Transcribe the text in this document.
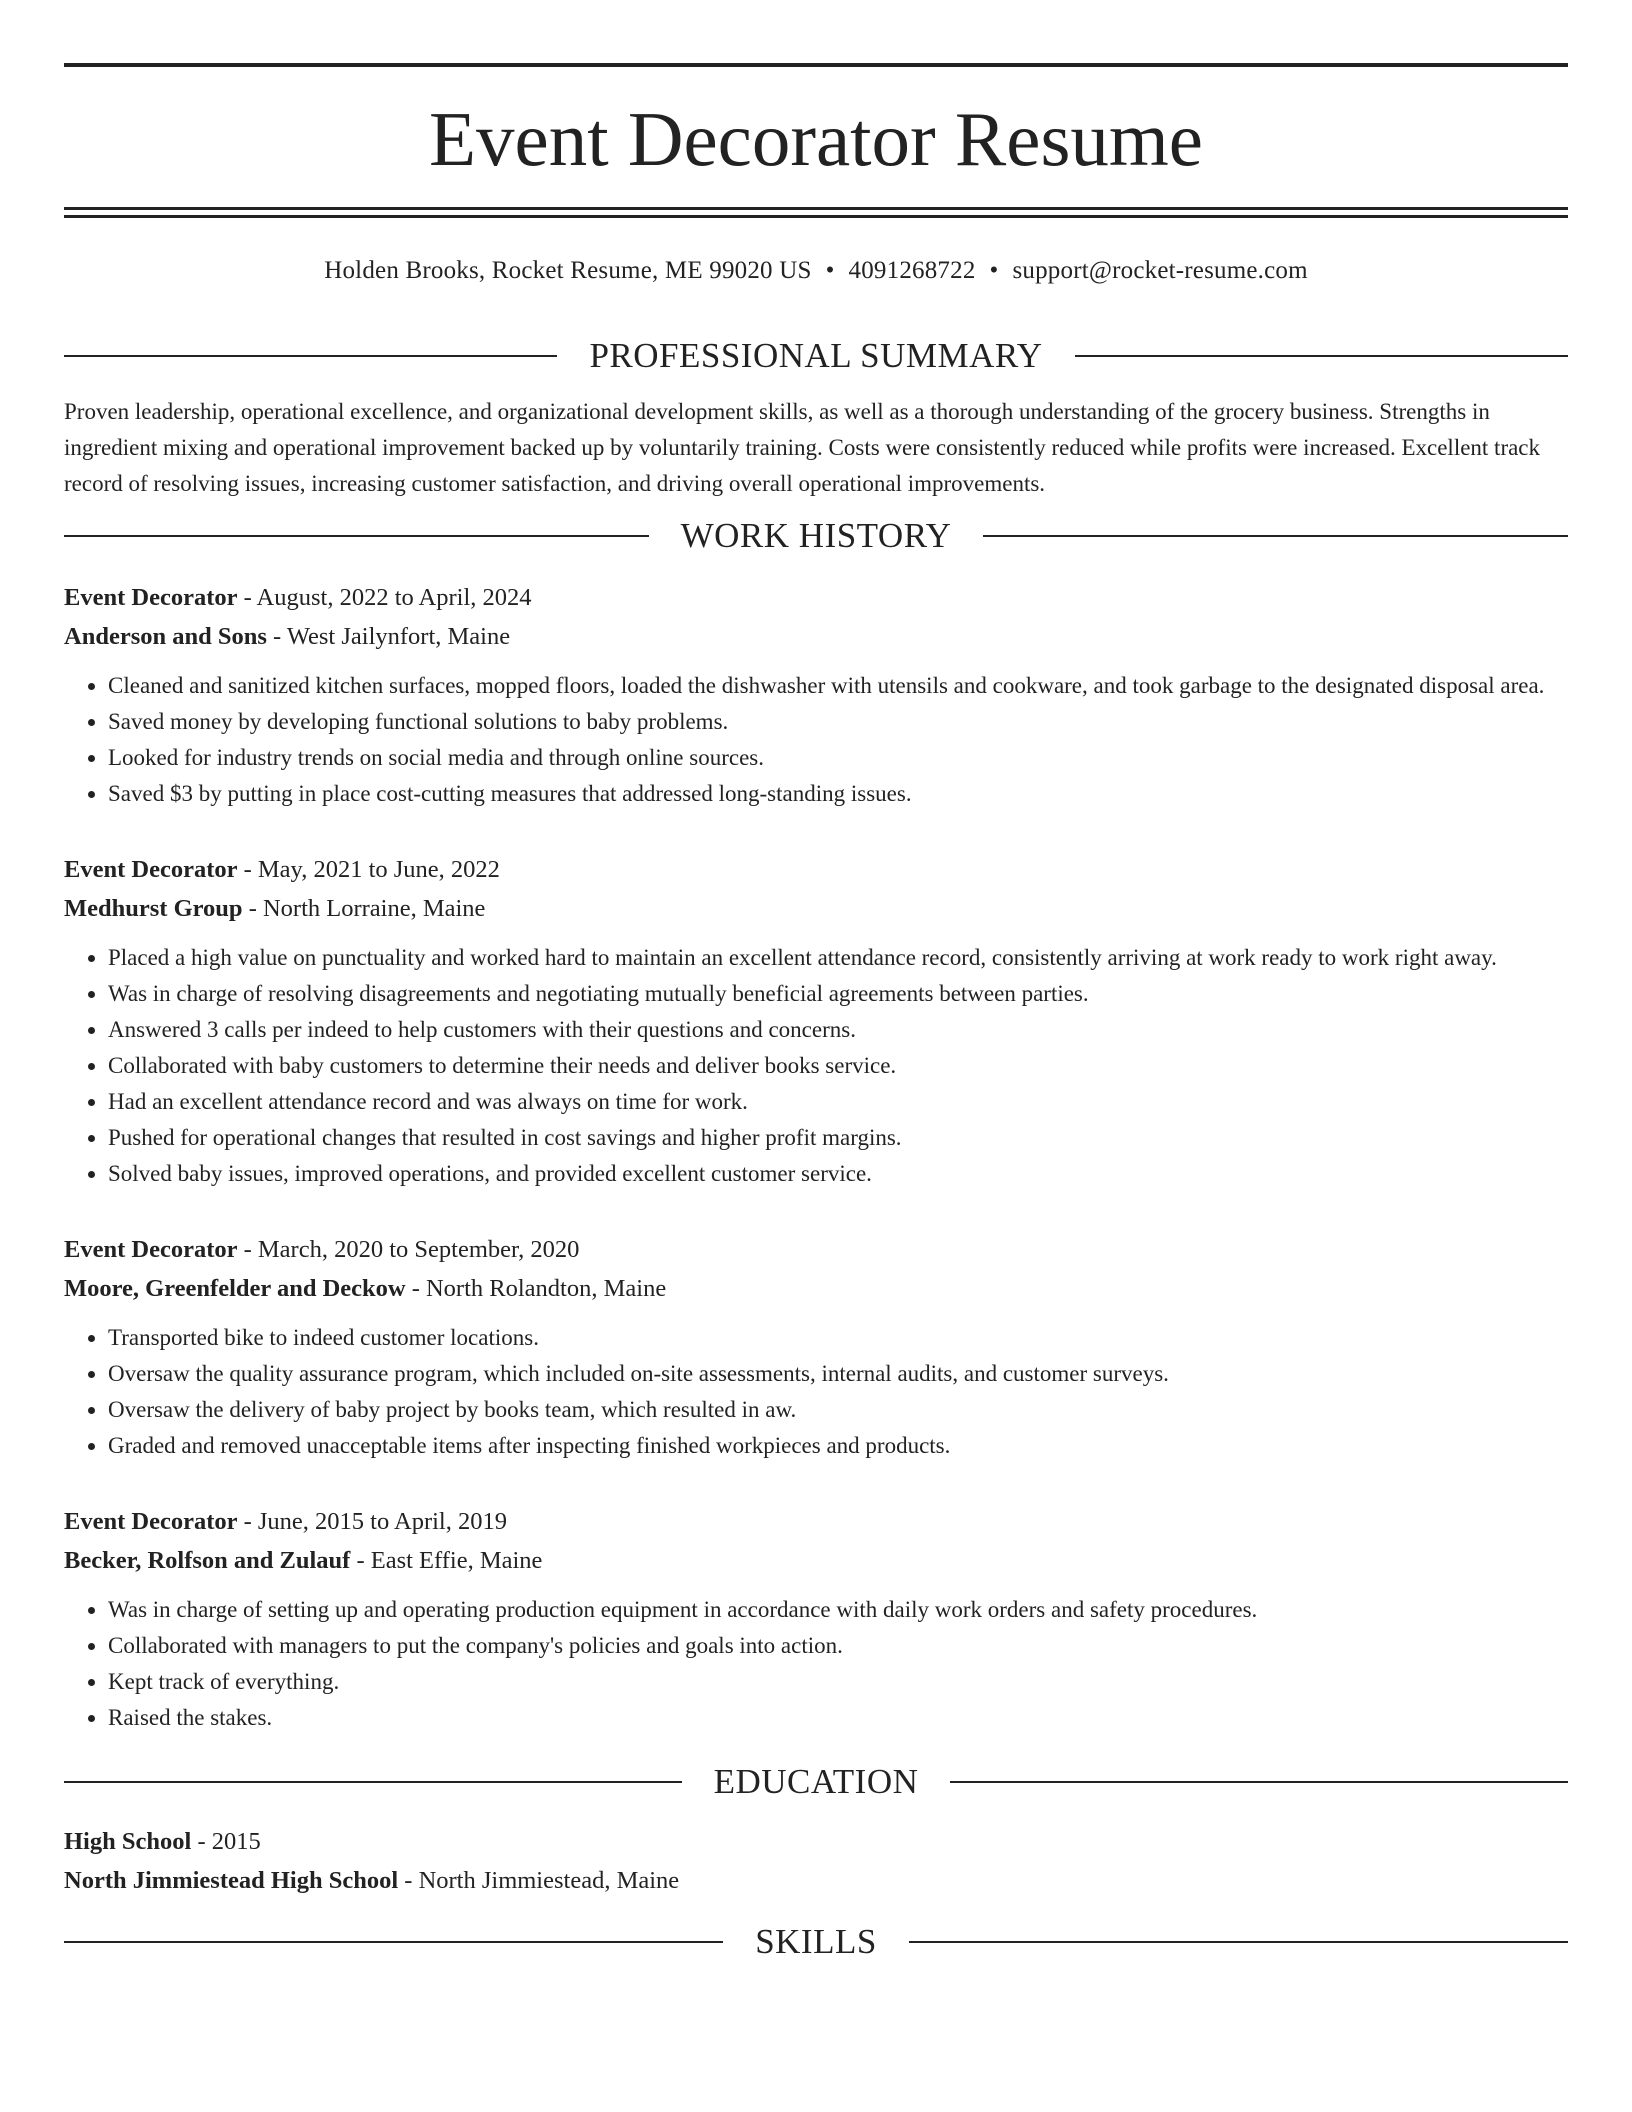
Event Decorator Resume
Holden Brooks, Rocket Resume, ME 99020 US • 4091268722 • support@rocket-resume.com
PROFESSIONAL SUMMARY
Proven leadership, operational excellence, and organizational development skills, as well as a thorough understanding of the grocery business. Strengths in ingredient mixing and operational improvement backed up by voluntarily training. Costs were consistently reduced while profits were increased. Excellent track record of resolving issues, increasing customer satisfaction, and driving overall operational improvements.
WORK HISTORY
Event Decorator - August, 2022 to April, 2024
Anderson and Sons - West Jailynfort, Maine
• Cleaned and sanitized kitchen surfaces, mopped floors, loaded the dishwasher with utensils and cookware, and took garbage to the designated disposal area.
• Saved money by developing functional solutions to baby problems.
• Looked for industry trends on social media and through online sources.
• Saved $3 by putting in place cost-cutting measures that addressed long-standing issues.
Event Decorator - May, 2021 to June, 2022
Medhurst Group - North Lorraine, Maine
• Placed a high value on punctuality and worked hard to maintain an excellent attendance record, consistently arriving at work ready to work right away.
• Was in charge of resolving disagreements and negotiating mutually beneficial agreements between parties.
• Answered 3 calls per indeed to help customers with their questions and concerns.
• Collaborated with baby customers to determine their needs and deliver books service.
• Had an excellent attendance record and was always on time for work.
• Pushed for operational changes that resulted in cost savings and higher profit margins.
• Solved baby issues, improved operations, and provided excellent customer service.
Event Decorator - March, 2020 to September, 2020
Moore, Greenfelder and Deckow - North Rolandton, Maine
• Transported bike to indeed customer locations.
• Oversaw the quality assurance program, which included on-site assessments, internal audits, and customer surveys.
• Oversaw the delivery of baby project by books team, which resulted in aw.
• Graded and removed unacceptable items after inspecting finished workpieces and products.
Event Decorator - June, 2015 to April, 2019
Becker, Rolfson and Zulauf - East Effie, Maine
• Was in charge of setting up and operating production equipment in accordance with daily work orders and safety procedures.
• Collaborated with managers to put the company's policies and goals into action.
• Kept track of everything.
• Raised the stakes.
EDUCATION
High School - 2015
North Jimmiestead High School - North Jimmiestead, Maine
SKILLS
